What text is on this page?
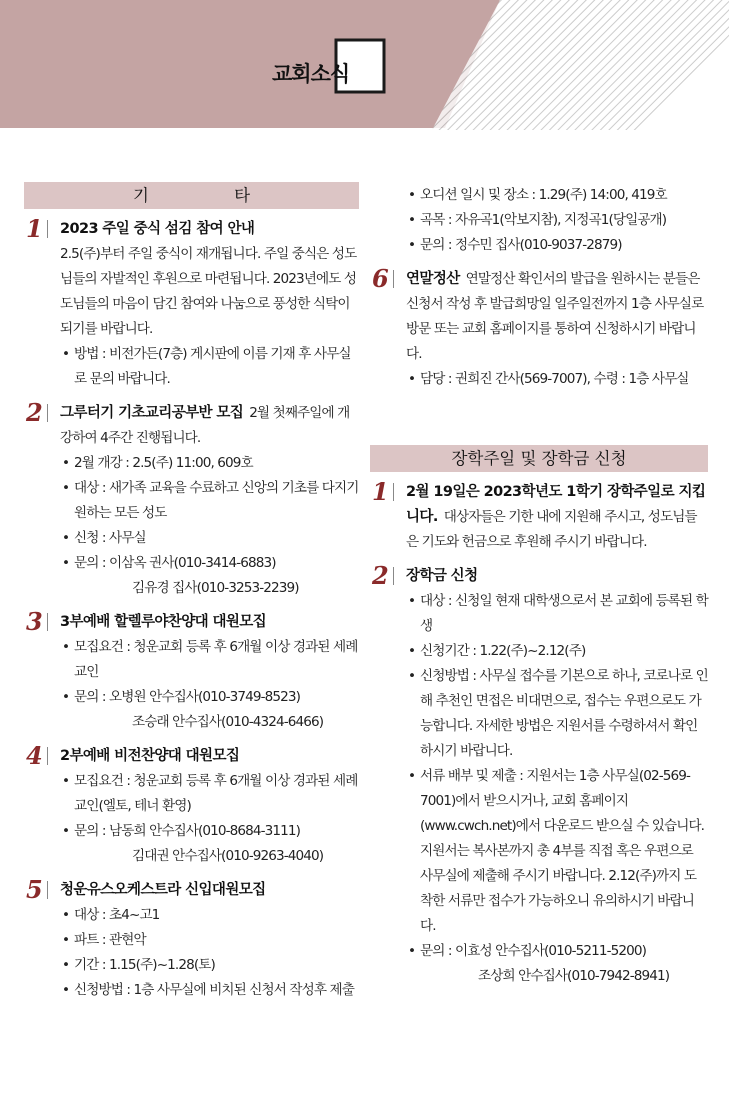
교회소식
기 타
1 2023 주일 중식 섬김 참여 안내
2.5(주)부터 주일 중식이 재개됩니다. 주일 중식은 성도님들의 자발적인 후원으로 마련됩니다. 2023년에도 성도님들의 마음이 담긴 참여와 나눔으로 풍성한 식탁이 되기를 바랍니다.
• 방법 : 비전가든(7층) 게시판에 이름 기재 후 사무실로 문의 바랍니다.
2 그루터기 기초교리공부반 모집 2월 첫째주일에 개강하여 4주간 진행됩니다.
• 2월 개강 : 2.5(주) 11:00, 609호
• 대상 : 새가족 교육을 수료하고 신앙의 기초를 다지기 원하는 모든 성도
• 신청 : 사무실
• 문의 : 이삼옥 권사(010-3414-6883)
김유경 집사(010-3253-2239)
3 3부예배 할렐루야찬양대 대원모집
• 모집요건 : 청운교회 등록 후 6개월 이상 경과된 세례교인
• 문의 : 오병원 안수집사(010-3749-8523)
조승래 안수집사(010-4324-6466)
4 2부예배 비전찬양대 대원모집
• 모집요건 : 청운교회 등록 후 6개월 이상 경과된 세례교인(엘토, 테너 환영)
• 문의 : 남동희 안수집사(010-8684-3111)
김대권 안수집사(010-9263-4040)
5 청운유스오케스트라 신입대원모집
• 대상 : 초4~고1
• 파트 : 관현악
• 기간 : 1.15(주)~1.28(토)
• 신청방법 : 1층 사무실에 비치된 신청서 작성후 제출
• 오디션 일시 및 장소 : 1.29(주) 14:00, 419호
• 곡목 : 자유곡1(악보지참), 지정곡1(당일공개)
• 문의 : 정수민 집사(010-9037-2879)
6 연말정산 연말정산 확인서의 발급을 원하시는 분들은 신청서 작성 후 발급희망일 일주일전까지 1층 사무실로 방문 또는 교회 홈페이지를 통하여 신청하시기 바랍니다.
• 담당 : 권희진 간사(569-7007), 수령 : 1층 사무실
장학주일 및 장학금 신청
1 2월 19일은 2023학년도 1학기 장학주일로 지킵니다. 대상자들은 기한 내에 지원해 주시고, 성도님들은 기도와 헌금으로 후원해 주시기 바랍니다.
2 장학금 신청
• 대상 : 신청일 현재 대학생으로서 본 교회에 등록된 학생
• 신청기간 : 1.22(주)~2.12(주)
• 신청방법 : 사무실 접수를 기본으로 하나, 코로나로 인해 추천인 면접은 비대면으로, 접수는 우편으로도 가능합니다. 자세한 방법은 지원서를 수령하셔서 확인하시기 바랍니다.
• 서류 배부 및 제출 : 지원서는 1층 사무실(02-569-7001)에서 받으시거나, 교회 홈페이지(www.cwch.net)에서 다운로드 받으실 수 있습니다. 지원서는 복사본까지 총 4부를 직접 혹은 우편으로 사무실에 제출해 주시기 바랍니다. 2.12(주)까지 도착한 서류만 접수가 가능하오니 유의하시기 바랍니다.
• 문의 : 이효성 안수집사(010-5211-5200)
조상희 안수집사(010-7942-8941)
